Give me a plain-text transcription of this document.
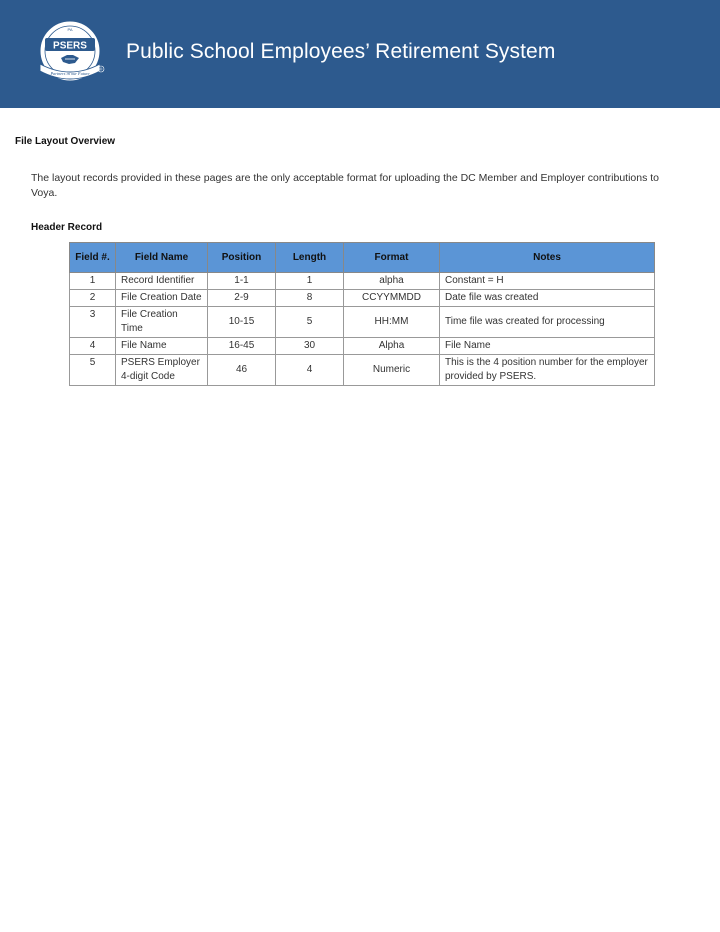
PA
PSERS
Partners in our Future
®
Public School Employees’ Retirement System
File Layout Overview
The layout records provided in these pages are the only acceptable format for uploading the DC Member and Employer contributions to Voya.
Header Record
Field #.	Field Name	Position	Length	Format	Notes
1	Record Identifier	1-1	1	alpha	Constant = H
2	File Creation Date	2-9	8	CCYYMMDD	Date file was created
3	File Creation Time	10-15	5	HH:MM	Time file was created for processing
4	File Name	16-45	30	Alpha	File Name
5	PSERS Employer 4-digit Code	46	4	Numeric	This is the 4 position number for the employer provided by PSERS.
